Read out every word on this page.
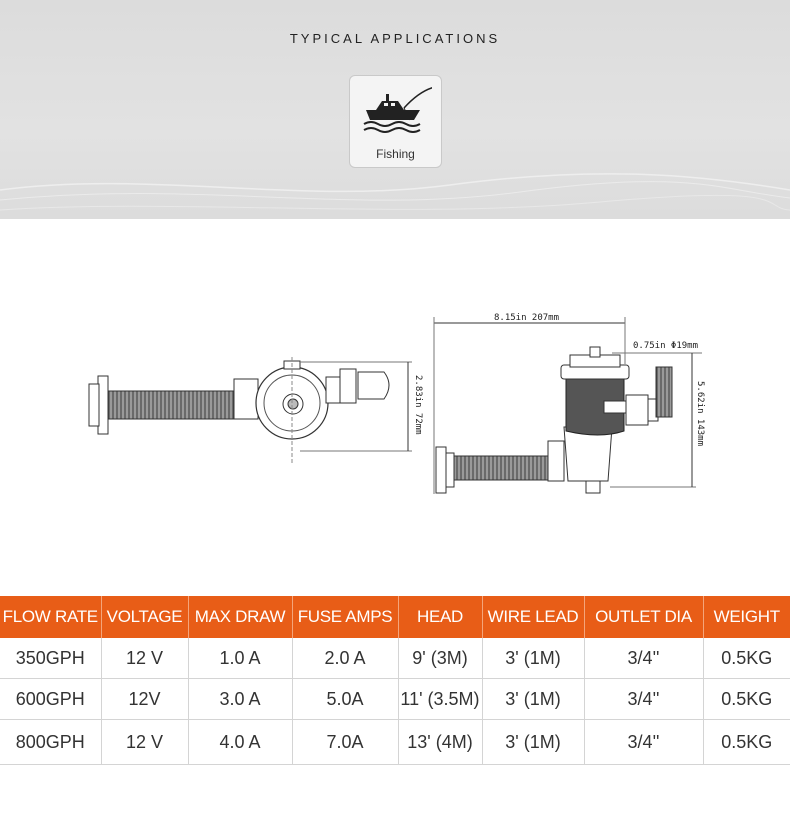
TYPICAL APPLICATIONS
Fishing
2.83in 72mm
8.15in 207mm
0.75in Φ19mm
5.62in 143mm
FLOW RATE	VOLTAGE	MAX DRAW	FUSE AMPS	HEAD	WIRE LEAD	OUTLET DIA	WEIGHT
350GPH	12 V	1.0 A	2.0 A	9' (3M)	3' (1M)	3/4''	0.5KG
600GPH	12V	3.0 A	5.0A	11' (3.5M)	3' (1M)	3/4''	0.5KG
800GPH	12 V	4.0 A	7.0A	13' (4M)	3' (1M)	3/4''	0.5KG
